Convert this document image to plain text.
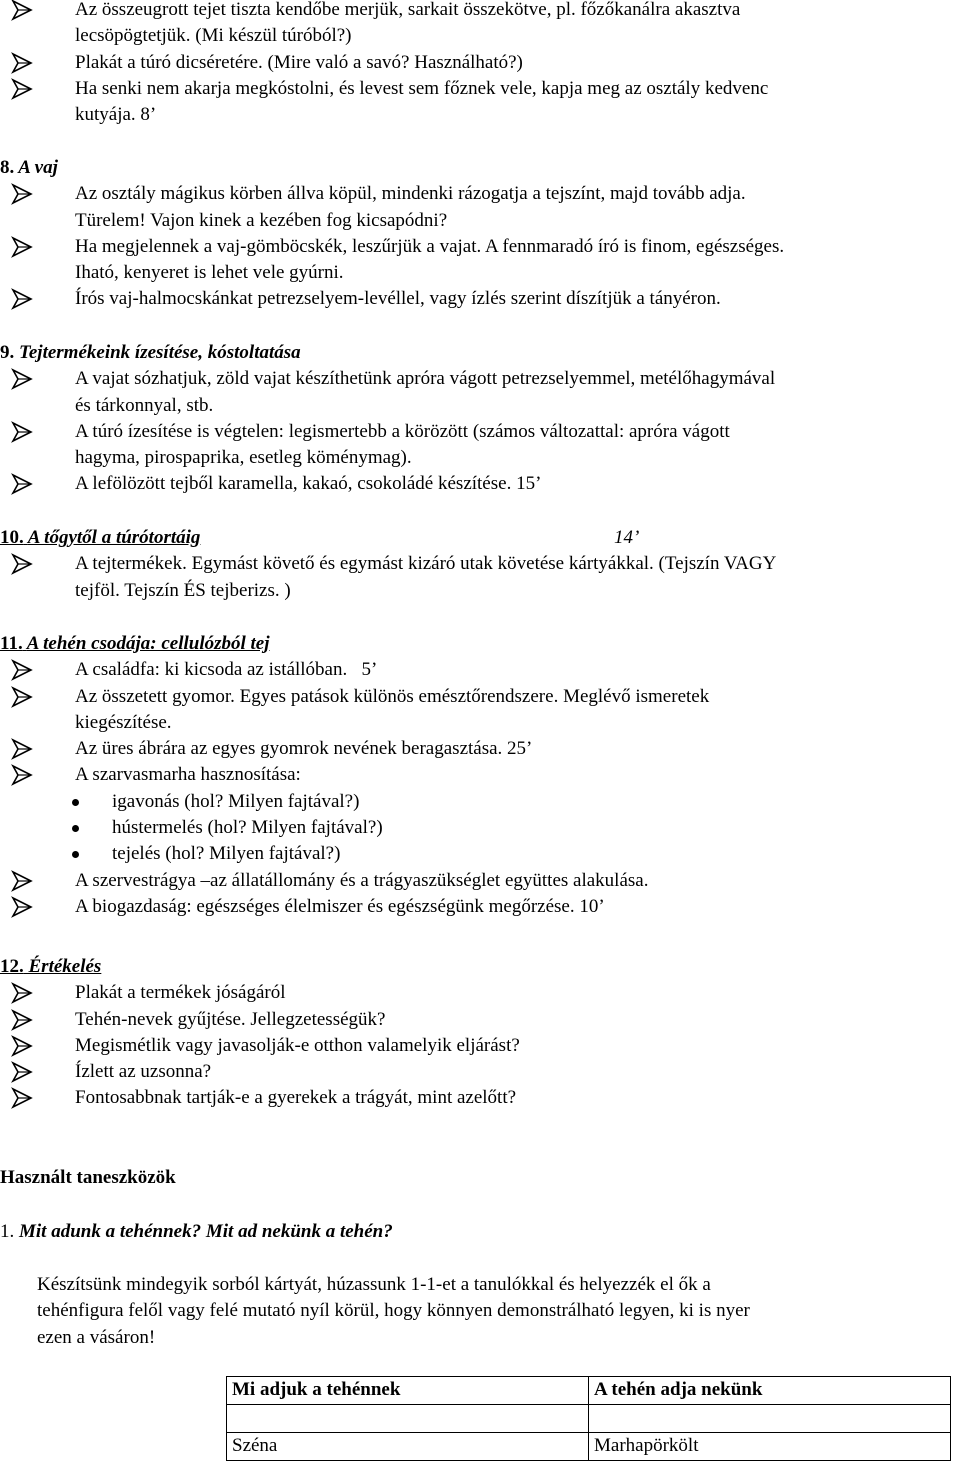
Az összeugrott tejet tiszta kendőbe merjük, sarkait összekötve, pl. főzőkanálra akasztva
lecsöpögtetjük. (Mi készül túróból?)
Plakát a túró dicséretére. (Mire való a savó? Használható?)
Ha senki nem akarja megkóstolni, és levest sem főznek vele, kapja meg az osztály kedvenc
kutyája. 8’
8. A vaj
Az osztály mágikus körben állva köpül, mindenki rázogatja a tejszínt, majd tovább adja.
Türelem! Vajon kinek a kezében fog kicsapódni?
Ha megjelennek a vaj-gömböcskék, leszűrjük a vajat. A fennmaradó író is finom, egészséges.
Iható, kenyeret is lehet vele gyúrni.
Írós vaj-halmocskánkat petrezselyem-levéllel, vagy ízlés szerint díszítjük a tányéron.
9. Tejtermékeink ízesítése, kóstoltatása
A vajat sózhatjuk, zöld vajat készíthetünk apróra vágott petrezselyemmel, metélőhagymával
és tárkonnyal, stb.
A túró ízesítése is végtelen: legismertebb a körözött (számos változattal: apróra vágott
hagyma, pirospaprika, esetleg köménymag).
A lefölözött tejből karamella, kakaó, csokoládé készítése. 15’
10. A tőgytől a túrótortáig	14’
A tejtermékek. Egymást követő és egymást kizáró utak követése kártyákkal. (Tejszín VAGY
tejföl. Tejszín ÉS tejberizs. )
11. A tehén csodája: cellulózból tej
A családfa: ki kicsoda az istállóban.   5’
Az összetett gyomor. Egyes patások különös emésztőrendszere. Meglévő ismeretek
kiegészítése.
Az üres ábrára az egyes gyomrok nevének beragasztása. 25’
A szarvasmarha hasznosítása:
igavonás (hol? Milyen fajtával?)
hústermelés (hol? Milyen fajtával?)
tejelés (hol? Milyen fajtával?)
A szervestrágya –az állatállomány és a trágyaszükséglet együttes alakulása.
A biogazdaság: egészséges élelmiszer és egészségünk megőrzése. 10’
12. Értékelés
Plakát a termékek jóságáról
Tehén-nevek gyűjtése. Jellegzetességük?
Megismétlik vagy javasolják-e otthon valamelyik eljárást?
Ízlett az uzsonna?
Fontosabbnak tartják-e a gyerekek a trágyát, mint azelőtt?
Használt taneszközök
1. Mit adunk a tehénnek? Mit ad nekünk a tehén?
Készítsünk mindegyik sorból kártyát, húzassunk 1-1-et a tanulókkal és helyezzék el ők a
tehénfigura felől vagy felé mutató nyíl körül, hogy könnyen demonstrálható legyen, ki is nyer
ezen a vásáron!
Mi adjuk a tehénnek	A tehén adja nekünk

Széna	Marhapörkölt
